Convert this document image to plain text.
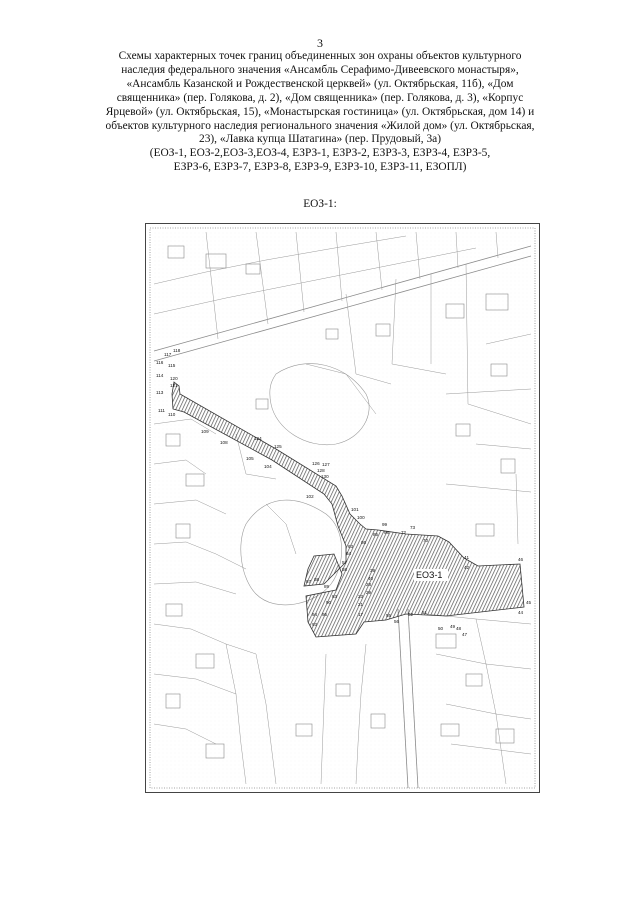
3
Схемы характерных точек границ объединенных зон охраны объектов культурного
наследия федерального значения «Ансамбль Серафимо-Дивеевского монастыря»,
«Ансамбль Казанской и Рождественской церквей» (ул. Октябрьская, 11б), «Дом
священника» (пер. Голякова, д. 2), «Дом священника» (пер. Голякова, д. 3), «Корпус
Ярцевой» (ул. Октябрьская, 15), «Монастырская гостиница» (ул. Октябрьская, дом 14) и
объектов культурного наследия регионального значения «Жилой дом» (ул. Октябрьская,
23), «Лавка купца Шатагина» (пер. Прудовый, 3а)
(ЕОЗ-1, ЕОЗ-2,ЕОЗ-3,ЕОЗ-4, ЕЗРЗ-1, ЕЗРЗ-2, ЕЗРЗ-3, ЕЗРЗ-4, ЕЗРЗ-5,
ЕЗРЗ-6, ЕЗРЗ-7, ЕЗРЗ-8, ЕЗРЗ-9, ЕЗРЗ-10, ЕЗРЗ-11, ЕЗОПЛ)
ЕОЗ-1:
ЕОЗ-1
117
118
115
116
114
113
111
110
120
121
109
108
124
125
105
104
126 127
128
130
102
101
100
99
98
85
86
72
73
70
41
42
63
64
57
58	39
40
28
29
23
21
88
87
89
83
90
94
93
95	17	55
56
52 51
50 49 48
47
46
45
44
